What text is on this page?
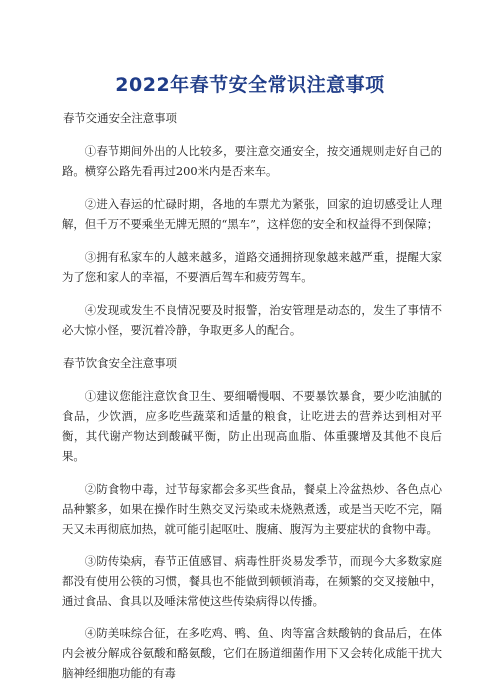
2022年春节安全常识注意事项
春节交通安全注意事项

①春节期间外出的人比较多，要注意交通安全，按交通规则走好自己的路。横穿公路先看再过200米内是否来车。

②进入春运的忙碌时期，各地的车票尤为紧张，回家的迫切感受让人理解，但千万不要乘坐无牌无照的“黑车”，这样您的安全和权益得不到保障；

③拥有私家车的人越来越多，道路交通拥挤现象越来越严重，提醒大家为了您和家人的幸福，不要酒后驾车和疲劳驾车。

④发现或发生不良情况要及时报警，治安管理是动态的，发生了事情不必大惊小怪，要沉着冷静，争取更多人的配合。

春节饮食安全注意事项

①建议您能注意饮食卫生、要细嚼慢咽、不要暴饮暴食，要少吃油腻的食品，少饮酒，应多吃些蔬菜和适量的粮食，让吃进去的营养达到相对平衡，其代谢产物达到酸碱平衡，防止出现高血脂、体重骤增及其他不良后果。

②防食物中毒，过节每家都会多买些食品，餐桌上冷盆热炒、各色点心品种繁多，如果在操作时生熟交叉污染或未烧熟煮透，或是当天吃不完，隔天又未再彻底加热，就可能引起呕吐、腹痛、腹泻为主要症状的食物中毒。

③防传染病，春节正值感冒、病毒性肝炎易发季节，而现今大多数家庭都没有使用公筷的习惯，餐具也不能做到顿顿消毒，在频繁的交叉接触中，通过食品、食具以及唾沫常使这些传染病得以传播。

④防美味综合征，在多吃鸡、鸭、鱼、肉等富含麸酸钠的食品后，在体内会被分解成谷氨酸和酪氨酸，它们在肠道细菌作用下又会转化成能干扰大脑神经细胞功能的有毒
